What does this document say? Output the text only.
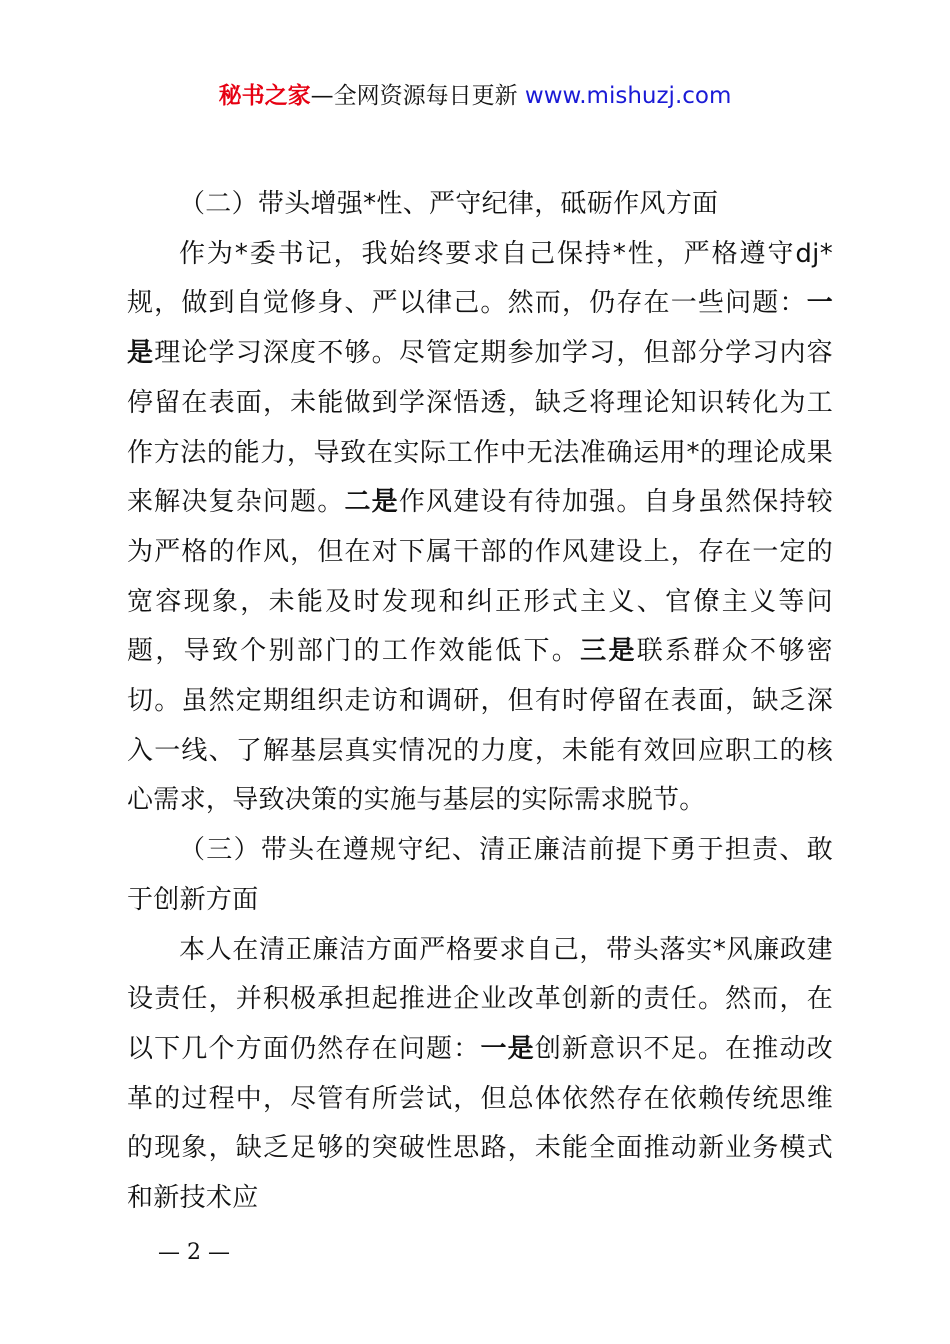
秘书之家—全网资源每日更新 www.mishuzj.com

（二）带头增强*性、严守纪律，砥砺作风方面

作为*委书记，我始终要求自己保持*性，严格遵守dj*规，做到自觉修身、严以律己。然而，仍存在一些问题：一是理论学习深度不够。尽管定期参加学习，但部分学习内容停留在表面，未能做到学深悟透，缺乏将理论知识转化为工作方法的能力，导致在实际工作中无法准确运用*的理论成果来解决复杂问题。二是作风建设有待加强。自身虽然保持较为严格的作风，但在对下属干部的作风建设上，存在一定的宽容现象，未能及时发现和纠正形式主义、官僚主义等问题，导致个别部门的工作效能低下。三是联系群众不够密切。虽然定期组织走访和调研，但有时停留在表面，缺乏深入一线、了解基层真实情况的力度，未能有效回应职工的核心需求，导致决策的实施与基层的实际需求脱节。

（三）带头在遵规守纪、清正廉洁前提下勇于担责、敢于创新方面

本人在清正廉洁方面严格要求自己，带头落实*风廉政建设责任，并积极承担起推进企业改革创新的责任。然而，在以下几个方面仍然存在问题：一是创新意识不足。在推动改革的过程中，尽管有所尝试，但总体依然存在依赖传统思维的现象，缺乏足够的突破性思路，未能全面推动新业务模式和新技术应

— 2 —
